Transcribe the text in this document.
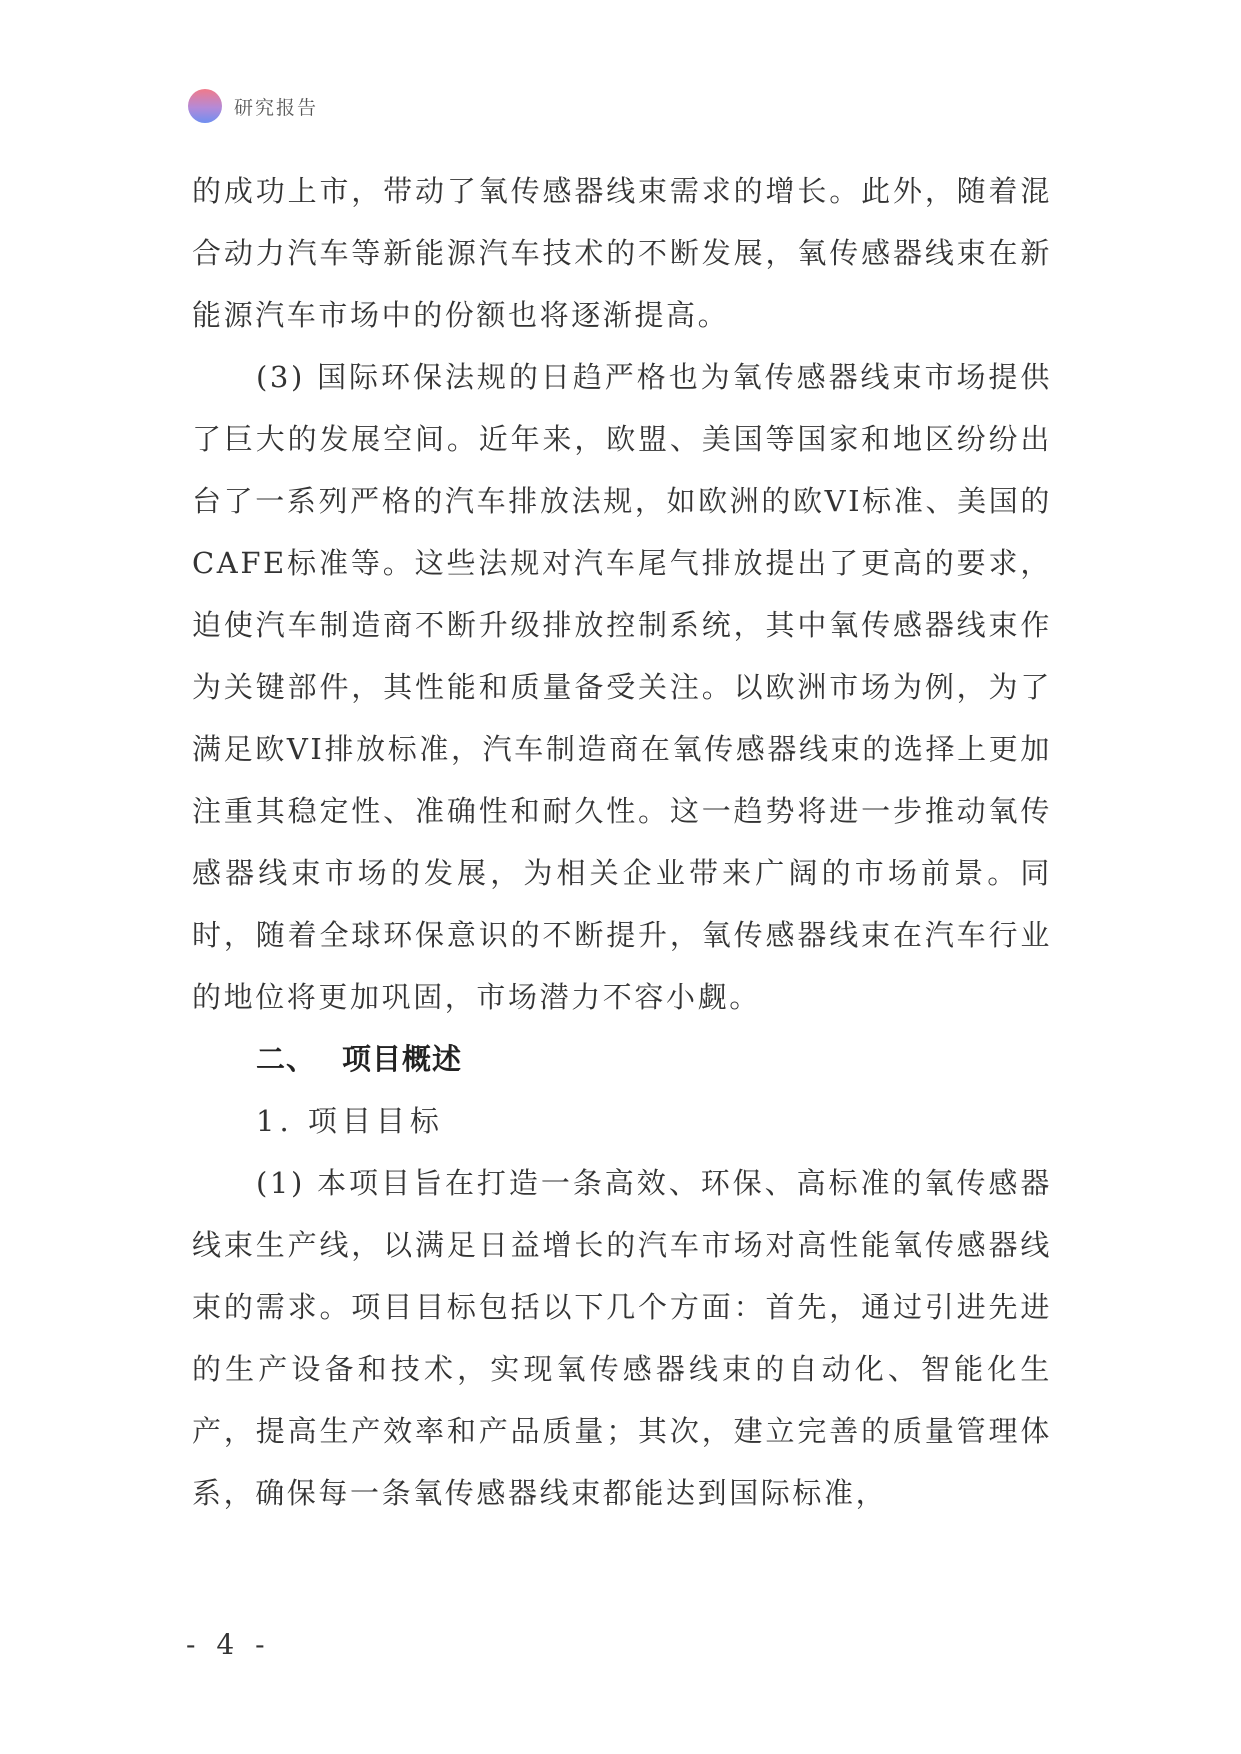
研究报告

的成功上市，带动了氧传感器线束需求的增长。此外，随着混合动力汽车等新能源汽车技术的不断发展，氧传感器线束在新能源汽车市场中的份额也将逐渐提高。

(3) 国际环保法规的日趋严格也为氧传感器线束市场提供了巨大的发展空间。近年来，欧盟、美国等国家和地区纷纷出台了一系列严格的汽车排放法规，如欧洲的欧VI标准、美国的CAFE标准等。这些法规对汽车尾气排放提出了更高的要求，迫使汽车制造商不断升级排放控制系统，其中氧传感器线束作为关键部件，其性能和质量备受关注。以欧洲市场为例，为了满足欧VI排放标准，汽车制造商在氧传感器线束的选择上更加注重其稳定性、准确性和耐久性。这一趋势将进一步推动氧传感器线束市场的发展，为相关企业带来广阔的市场前景。同时，随着全球环保意识的不断提升，氧传感器线束在汽车行业的地位将更加巩固，市场潜力不容小觑。

二、 项目概述

1. 项目目标

(1) 本项目旨在打造一条高效、环保、高标准的氧传感器线束生产线，以满足日益增长的汽车市场对高性能氧传感器线束的需求。项目目标包括以下几个方面：首先，通过引进先进的生产设备和技术，实现氧传感器线束的自动化、智能化生产，提高生产效率和产品质量；其次，建立完善的质量管理体系，确保每一条氧传感器线束都能达到国际标准，

- 4 -
